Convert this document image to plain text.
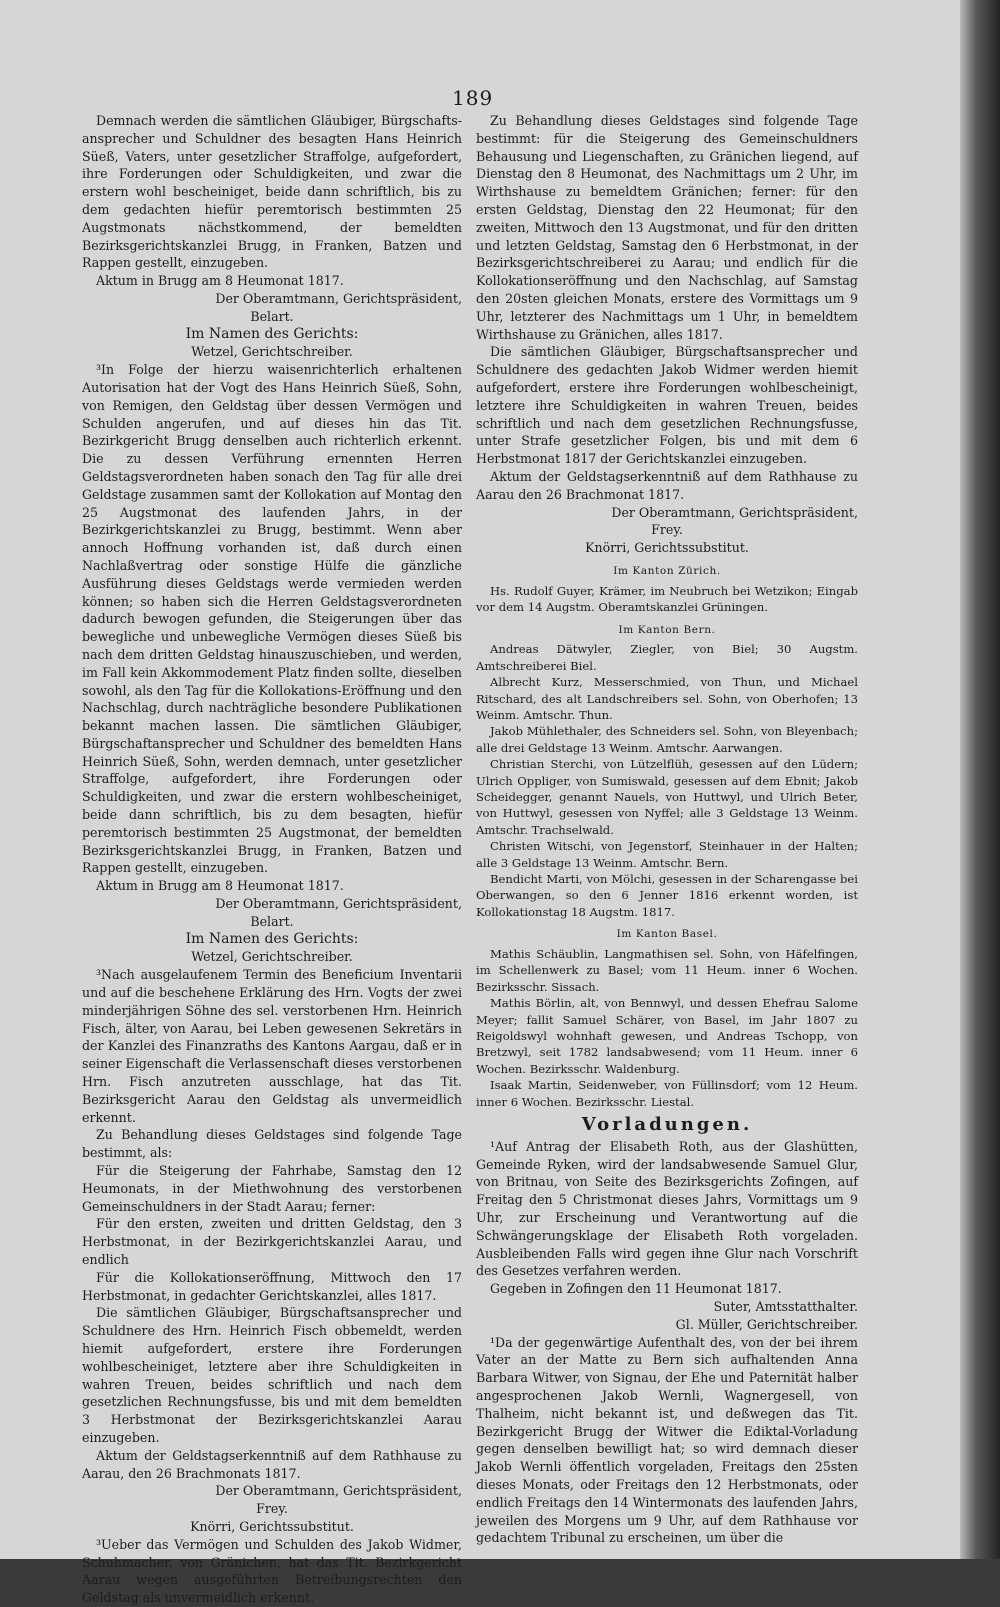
189

Demnach werden die sämtlichen Gläubiger, Bürgschafts-ansprecher und Schuldner des besagten Hans Heinrich Süeß, Vaters, unter gesetzlicher Straffolge, aufgefordert, ihre Forderungen oder Schuldigkeiten, und zwar die erstern wohl bescheiniget, beide dann schriftlich, bis zu dem gedachten hiefür peremtorisch bestimmten 25 Augstmonats nächstkommend, der bemeldten Bezirksgerichtskanzlei Brugg, in Franken, Batzen und Rappen gestellt, einzugeben.

Aktum in Brugg am 8 Heumonat 1817.

Der Oberamtmann, Gerichtspräsident,

Belart.

Im Namen des Gerichts:

Wetzel, Gerichtschreiber.

³In Folge der hierzu waisenrichterlich erhaltenen Autorisation hat der Vogt des Hans Heinrich Süeß, Sohn, von Remigen, den Geldstag über dessen Vermögen und Schulden angerufen, und auf dieses hin das Tit. Bezirkgericht Brugg denselben auch richterlich erkennt. Die zu dessen Verführung ernennten Herren Geldstagsverordneten haben sonach den Tag für alle drei Geldstage zusammen samt der Kollokation auf Montag den 25 Augstmonat des laufenden Jahrs, in der Bezirkgerichtskanzlei zu Brugg, bestimmt. Wenn aber annoch Hoffnung vorhanden ist, daß durch einen Nachlaßvertrag oder sonstige Hülfe die gänzliche Ausführung dieses Geldstags werde vermieden werden können; so haben sich die Herren Geldstagsverordneten dadurch bewogen gefunden, die Steigerungen über das bewegliche und unbewegliche Vermögen dieses Süeß bis nach dem dritten Geldstag hinauszuschieben, und werden, im Fall kein Akkommodement Platz finden sollte, dieselben sowohl, als den Tag für die Kollokations-Eröffnung und den Nachschlag, durch nachträgliche besondere Publikationen bekannt machen lassen. Die sämtlichen Gläubiger, Bürgschaftansprecher und Schuldner des bemeldten Hans Heinrich Süeß, Sohn, werden demnach, unter gesetzlicher Straffolge, aufgefordert, ihre Forderungen oder Schuldigkeiten, und zwar die erstern wohlbescheiniget, beide dann schriftlich, bis zu dem besagten, hiefür peremtorisch bestimmten 25 Augstmonat, der bemeldten Bezirksgerichtskanzlei Brugg, in Franken, Batzen und Rappen gestellt, einzugeben.

Aktum in Brugg am 8 Heumonat 1817.

Der Oberamtmann, Gerichtspräsident,

Belart.

Im Namen des Gerichts:

Wetzel, Gerichtschreiber.

³Nach ausgelaufenem Termin des Beneficium Inventarii und auf die beschehene Erklärung des Hrn. Vogts der zwei minderjährigen Söhne des sel. verstorbenen Hrn. Heinrich Fisch, älter, von Aarau, bei Leben gewesenen Sekretärs in der Kanzlei des Finanzraths des Kantons Aargau, daß er in seiner Eigenschaft die Verlassenschaft dieses verstorbenen Hrn. Fisch anzutreten ausschlage, hat das Tit. Bezirksgericht Aarau den Geldstag als unvermeidlich erkennt.

Zu Behandlung dieses Geldstages sind folgende Tage bestimmt, als:

Für die Steigerung der Fahrhabe, Samstag den 12 Heumonats, in der Miethwohnung des verstorbenen Gemeinschuldners in der Stadt Aarau; ferner:

Für den ersten, zweiten und dritten Geldstag, den 3 Herbstmonat, in der Bezirkgerichtskanzlei Aarau, und endlich

Für die Kollokationseröffnung, Mittwoch den 17 Herbstmonat, in gedachter Gerichtskanzlei, alles 1817.

Die sämtlichen Gläubiger, Bürgschaftsansprecher und Schuldnere des Hrn. Heinrich Fisch obbemeldt, werden hiemit aufgefordert, erstere ihre Forderungen wohlbescheiniget, letztere aber ihre Schuldigkeiten in wahren Treuen, beides schriftlich und nach dem gesetzlichen Rechnungsfusse, bis und mit dem bemeldten 3 Herbstmonat der Bezirksgerichtskanzlei Aarau einzugeben.

Aktum der Geldstagserkenntniß auf dem Rathhause zu Aarau, den 26 Brachmonats 1817.

Der Oberamtmann, Gerichtspräsident,

Frey.

Knörri, Gerichtssubstitut.

³Ueber das Vermögen und Schulden des Jakob Widmer, Schuhmacher, von Gränichen, hat das Tit. Bezirkgericht Aarau wegen ausgeführten Betreibungsrechten den Geldstag als unvermeidlich erkennt.

Zu Behandlung dieses Geldstages sind folgende Tage bestimmt: für die Steigerung des Gemeinschuldners Behausung und Liegenschaften, zu Gränichen liegend, auf Dienstag den 8 Heumonat, des Nachmittags um 2 Uhr, im Wirthshause zu bemeldtem Gränichen; ferner: für den ersten Geldstag, Dienstag den 22 Heumonat; für den zweiten, Mittwoch den 13 Augstmonat, und für den dritten und letzten Geldstag, Samstag den 6 Herbstmonat, in der Bezirksgerichtschreiberei zu Aarau; und endlich für die Kollokationseröffnung und den Nachschlag, auf Samstag den 20sten gleichen Monats, erstere des Vormittags um 9 Uhr, letzterer des Nachmittags um 1 Uhr, in bemeldtem Wirthshause zu Gränichen, alles 1817.

Die sämtlichen Gläubiger, Bürgschaftsansprecher und Schuldnere des gedachten Jakob Widmer werden hiemit aufgefordert, erstere ihre Forderungen wohlbescheinigt, letztere ihre Schuldigkeiten in wahren Treuen, beides schriftlich und nach dem gesetzlichen Rechnungsfusse, unter Strafe gesetzlicher Folgen, bis und mit dem 6 Herbstmonat 1817 der Gerichtskanzlei einzugeben.

Aktum der Geldstagserkenntniß auf dem Rathhause zu Aarau den 26 Brachmonat 1817.

Der Oberamtmann, Gerichtspräsident,

Frey.

Knörri, Gerichtssubstitut.

Im Kanton Zürich.

Hs. Rudolf Guyer, Krämer, im Neubruch bei Wetzikon; Eingab vor dem 14 Augstm. Oberamtskanzlei Grüningen.

Im Kanton Bern.

Andreas Dätwyler, Ziegler, von Biel; 30 Augstm. Amtschreiberei Biel.

Albrecht Kurz, Messerschmied, von Thun, und Michael Ritschard, des alt Landschreibers sel. Sohn, von Oberhofen; 13 Weinm. Amtschr. Thun.

Jakob Mühlethaler, des Schneiders sel. Sohn, von Bleyenbach; alle drei Geldstage 13 Weinm. Amtschr. Aarwangen.

Christian Sterchi, von Lützelflüh, gesessen auf den Lüdern; Ulrich Oppliger, von Sumiswald, gesessen auf dem Ebnit; Jakob Scheidegger, genannt Nauels, von Huttwyl, und Ulrich Beter, von Huttwyl, gesessen von Nyffel; alle 3 Geldstage 13 Weinm. Amtschr. Trachselwald.

Christen Witschi, von Jegenstorf, Steinhauer in der Halten; alle 3 Geldstage 13 Weinm. Amtschr. Bern.

Bendicht Marti, von Mölchi, gesessen in der Scharengasse bei Oberwangen, so den 6 Jenner 1816 erkennt worden, ist Kollokationstag 18 Augstm. 1817.

Im Kanton Basel.

Mathis Schäublin, Langmathisen sel. Sohn, von Häfelfingen, im Schellenwerk zu Basel; vom 11 Heum. inner 6 Wochen. Bezirksschr. Sissach.

Mathis Börlin, alt, von Bennwyl, und dessen Ehefrau Salome Meyer; fallit Samuel Schärer, von Basel, im Jahr 1807 zu Reigoldswyl wohnhaft gewesen, und Andreas Tschopp, von Bretzwyl, seit 1782 landsabwesend; vom 11 Heum. inner 6 Wochen. Bezirksschr. Waldenburg.

Isaak Martin, Seidenweber, von Füllinsdorf; vom 12 Heum. inner 6 Wochen. Bezirksschr. Liestal.

Vorladungen.

¹Auf Antrag der Elisabeth Roth, aus der Glashütten, Gemeinde Ryken, wird der landsabwesende Samuel Glur, von Britnau, von Seite des Bezirksgerichts Zofingen, auf Freitag den 5 Christmonat dieses Jahrs, Vormittags um 9 Uhr, zur Erscheinung und Verantwortung auf die Schwängerungsklage der Elisabeth Roth vorgeladen. Ausbleibenden Falls wird gegen ihne Glur nach Vorschrift des Gesetzes verfahren werden.

Gegeben in Zofingen den 11 Heumonat 1817.

Suter, Amtsstatthalter.

Gl. Müller, Gerichtschreiber.

¹Da der gegenwärtige Aufenthalt des, von der bei ihrem Vater an der Matte zu Bern sich aufhaltenden Anna Barbara Witwer, von Signau, der Ehe und Paternität halber angesprochenen Jakob Wernli, Wagnergesell, von Thalheim, nicht bekannt ist, und deßwegen das Tit. Bezirkgericht Brugg der Witwer die Ediktal-Vorladung gegen denselben bewilligt hat; so wird demnach dieser Jakob Wernli öffentlich vorgeladen, Freitags den 25sten dieses Monats, oder Freitags den 12 Herbstmonats, oder endlich Freitags den 14 Wintermonats des laufenden Jahrs, jeweilen des Morgens um 9 Uhr, auf dem Rathhause vor gedachtem Tribunal zu erscheinen, um über die
